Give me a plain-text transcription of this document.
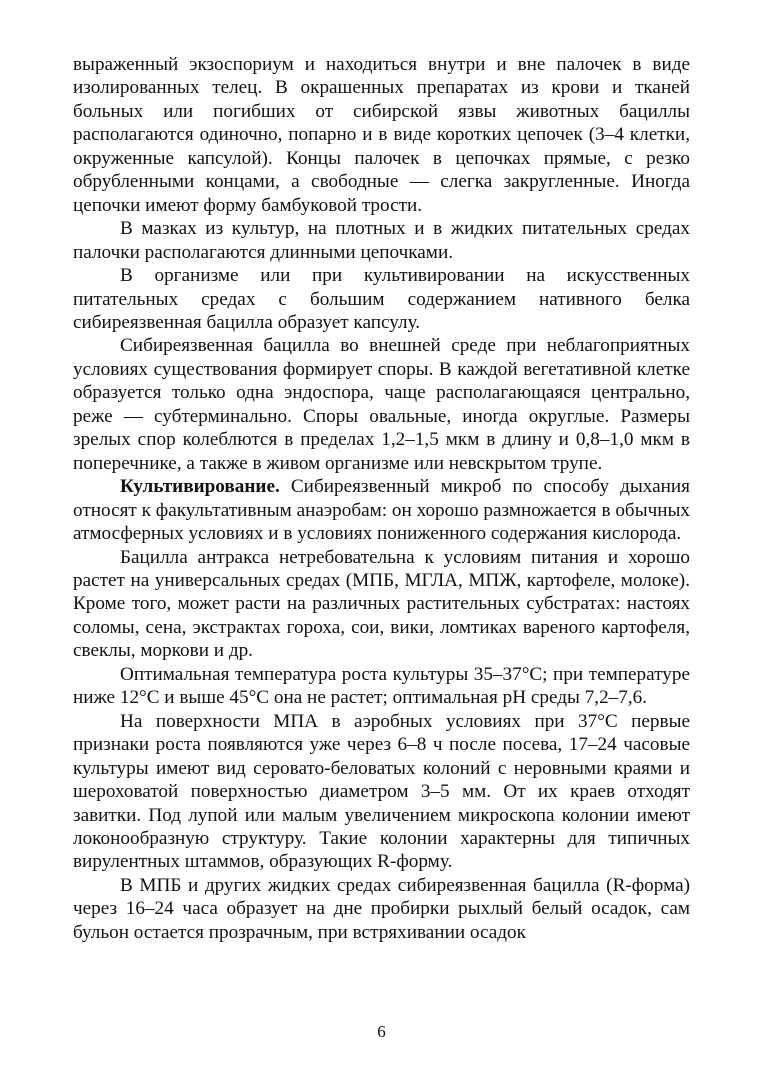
выраженный экзоспориум и находиться внутри и вне палочек в виде изолированных телец. В окрашенных препаратах из крови и тканей больных или погибших от сибирской язвы животных бациллы располагаются одиночно, попарно и в виде коротких цепочек (3–4 клетки, окруженные капсулой). Концы палочек в цепочках прямые, с резко обрубленными концами, а свободные — слегка закругленные. Иногда цепочки имеют форму бамбуковой трости.

В мазках из культур, на плотных и в жидких питательных средах палочки располагаются длинными цепочками.

В организме или при культивировании на искусственных питательных средах с большим содержанием нативного белка сибиреязвенная бацилла образует капсулу.

Сибиреязвенная бацилла во внешней среде при неблагоприятных условиях существования формирует споры. В каждой вегетативной клетке образуется только одна эндоспора, чаще располагающаяся центрально, реже — субтерминально. Споры овальные, иногда округлые. Размеры зрелых спор колеблются в пределах 1,2–1,5 мкм в длину и 0,8–1,0 мкм в поперечнике, а также в живом организме или невскрытом трупе.

Культивирование. Сибиреязвенный микроб по способу дыхания относят к факультативным анаэробам: он хорошо размножается в обычных атмосферных условиях и в условиях пониженного содержания кислорода.

Бацилла антракса нетребовательна к условиям питания и хорошо растет на универсальных средах (МПБ, МГЛА, МПЖ, картофеле, молоке). Кроме того, может расти на различных растительных субстратах: настоях соломы, сена, экстрактах гороха, сои, вики, ломтиках вареного картофеля, свеклы, моркови и др.

Оптимальная температура роста культуры 35–37°С; при температуре ниже 12°С и выше 45°С она не растет; оптимальная рН среды 7,2–7,6.

На поверхности МПА в аэробных условиях при 37°С первые признаки роста появляются уже через 6–8 ч после посева, 17–24 часовые культуры имеют вид серовато-беловатых колоний с неровными краями и шероховатой поверхностью диаметром 3–5 мм. От их краев отходят завитки. Под лупой или малым увеличением микроскопа колонии имеют локонообразную структуру. Такие колонии характерны для типичных вирулентных штаммов, образующих R-форму.

В МПБ и других жидких средах сибиреязвенная бацилла (R-форма) через 16–24 часа образует на дне пробирки рыхлый белый осадок, сам бульон остается прозрачным, при встряхивании осадок

6
